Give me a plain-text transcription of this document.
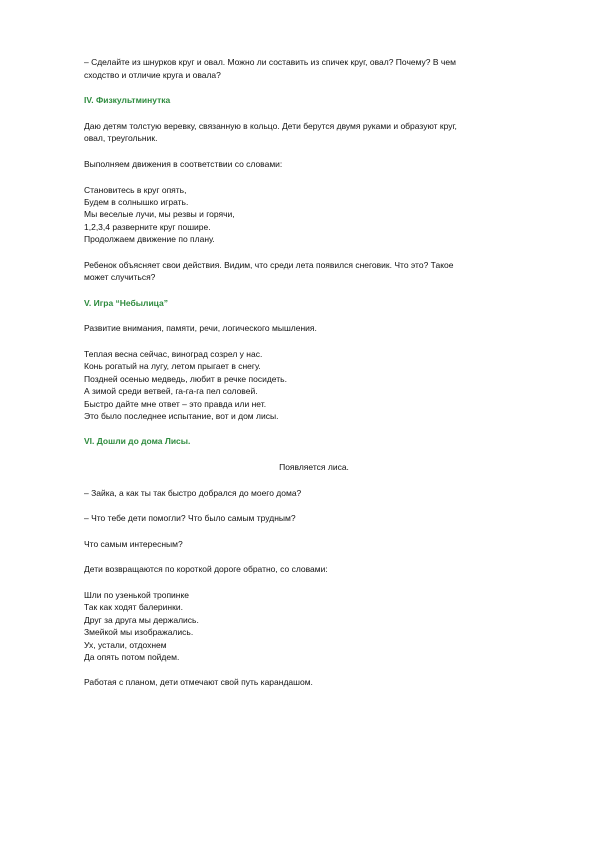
– Сделайте из шнурков круг и овал. Можно ли составить из спичек круг, овал? Почему? В чем

сходство и отличие круга и овала?

IV. Физкультминутка

Даю детям толстую веревку, связанную в кольцо. Дети берутся двумя руками и образуют круг,

овал, треугольник.

Выполняем движения в соответствии со словами:

Становитесь в круг опять,

Будем в солнышко играть.

Мы веселые лучи, мы резвы и горячи,

1,2,3,4 разверните круг пошире.

Продолжаем движение по плану.

Ребенок объясняет свои действия. Видим, что среди лета появился снеговик. Что это? Такое

может случиться?

V. Игра “Небылица”

Развитие внимания, памяти, речи, логического мышления.

Теплая весна сейчас, виноград созрел у нас.

Конь рогатый на лугу, летом прыгает в снегу.

Поздней осенью медведь, любит в речке посидеть.

А зимой среди ветвей, га-га-га пел соловей.

Быстро дайте мне ответ – это правда или нет.

Это было последнее испытание, вот и дом лисы.

VI. Дошли до дома Лисы.

Появляется лиса.

– Зайка, а как ты так быстро добрался до моего дома?

– Что тебе дети помогли? Что было самым трудным?

Что самым интересным?

Дети возвращаются по короткой дороге обратно, со словами:

Шли по узенькой тропинке

Так как ходят балеринки.

Друг за друга мы держались.

Змейкой мы изображались.

Ух, устали, отдохнем

Да опять потом пойдем.

Работая с планом, дети отмечают свой путь карандашом.
